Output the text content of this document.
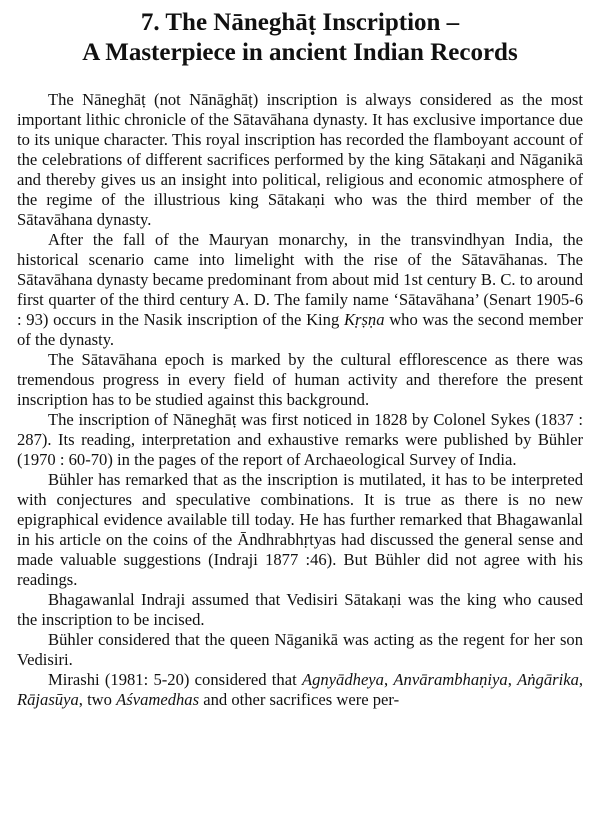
7. The Nāneghāṭ Inscription –
A Masterpiece in ancient Indian Records

The Nāneghāṭ (not Nānāghāṭ) inscription is always considered as the most important lithic chronicle of the Sātavāhana dynasty. It has exclusive importance due to its unique character. This royal inscription has recorded the flamboyant account of the celebrations of different sacrifices performed by the king Sātakaṇi and Nāganikā and thereby gives us an insight into political, religious and economic atmosphere of the regime of the illustrious king Sātakaṇi who was the third member of the Sātavāhana dynasty.

After the fall of the Mauryan monarchy, in the transvindhyan India, the historical scenario came into limelight with the rise of the Sātavāhanas. The Sātavāhana dynasty became predominant from about mid 1st century B. C. to around first quarter of the third century A. D. The family name ‘Sātavāhana’ (Senart 1905-6 : 93) occurs in the Nasik inscription of the King Kṛṣṇa who was the second member of the dynasty.

The Sātavāhana epoch is marked by the cultural efflorescence as there was tremendous progress in every field of human activity and therefore the present inscription has to be studied against this background.

The inscription of Nāneghāṭ was first noticed in 1828 by Colonel Sykes (1837 : 287). Its reading, interpretation and exhaustive remarks were published by Bühler (1970 : 60-70) in the pages of the report of Archaeological Survey of India.

Bühler has remarked that as the inscription is mutilated, it has to be interpreted with conjectures and speculative combinations. It is true as there is no new epigraphical evidence available till today. He has further remarked that Bhagawanlal in his article on the coins of the Āndhrabhṛtyas had discussed the general sense and made valuable suggestions (Indraji 1877 :46). But Bühler did not agree with his readings.

Bhagawanlal Indraji assumed that Vedisiri Sātakaṇi was the king who caused the inscription to be incised.

Bühler considered that the queen Nāganikā was acting as the regent for her son Vedisiri.

Mirashi (1981: 5-20) considered that Agnyādheya, Anvārambhaṇiya, Aṅgārika, Rājasūya, two Aśvamedhas and other sacrifices were per-
